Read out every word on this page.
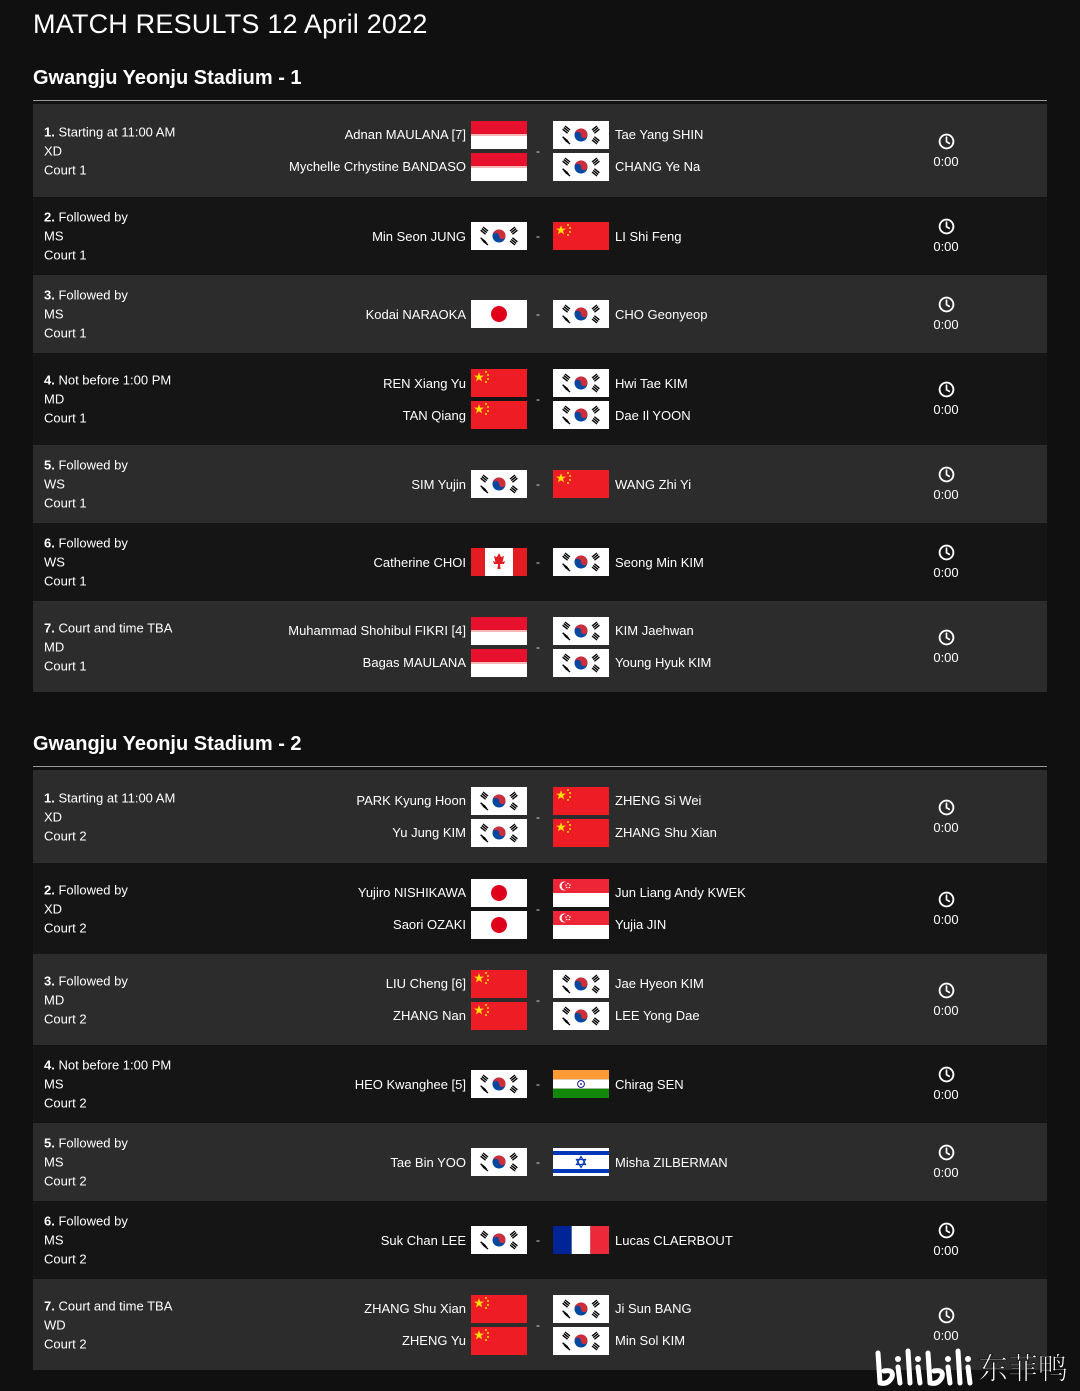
MATCH RESULTS 12 April 2022
Gwangju Yeonju Stadium - 1
1. Starting at 11:00 AM
XD
Court 1
Adnan MAULANA [7]
Mychelle Crhystine BANDASO
-
Tae Yang SHIN
CHANG Ye Na	0:00
2. Followed by
MS
Court 1
Min Seon JUNG	-	LI Shi Feng
0:00
3. Followed by
MS
Court 1
Kodai NARAOKA	-	CHO Geonyeop
0:00
4. Not before 1:00 PM
MD
Court 1
REN Xiang Yu
TAN Qiang
-
Hwi Tae KIM
Dae Il YOON	0:00
5. Followed by
WS
Court 1
SIM Yujin	-	WANG Zhi Yi
0:00
6. Followed by
WS
Court 1
Catherine CHOI	-	Seong Min KIM
0:00
7. Court and time TBA
MD
Court 1
Muhammad Shohibul FIKRI [4]
Bagas MAULANA
-
KIM Jaehwan
Young Hyuk KIM	0:00
Gwangju Yeonju Stadium - 2
1. Starting at 11:00 AM
XD
Court 2
PARK Kyung Hoon
Yu Jung KIM
-
ZHENG Si Wei
ZHANG Shu Xian	0:00
2. Followed by
XD
Court 2
Yujiro NISHIKAWA
Saori OZAKI
-
Jun Liang Andy KWEK
Yujia JIN	0:00
3. Followed by
MD
Court 2
LIU Cheng [6]
ZHANG Nan
-
Jae Hyeon KIM
LEE Yong Dae	0:00
4. Not before 1:00 PM
MS
Court 2
HEO Kwanghee [5]	-	Chirag SEN
0:00
5. Followed by
MS
Court 2
Tae Bin YOO	-	Misha ZILBERMAN
0:00
6. Followed by
MS
Court 2
Suk Chan LEE	-	Lucas CLAERBOUT
0:00
7. Court and time TBA
WD
Court 2
ZHANG Shu Xian
ZHENG Yu
-
Ji Sun BANG
Min Sol KIM	0:00
东菲鸭
